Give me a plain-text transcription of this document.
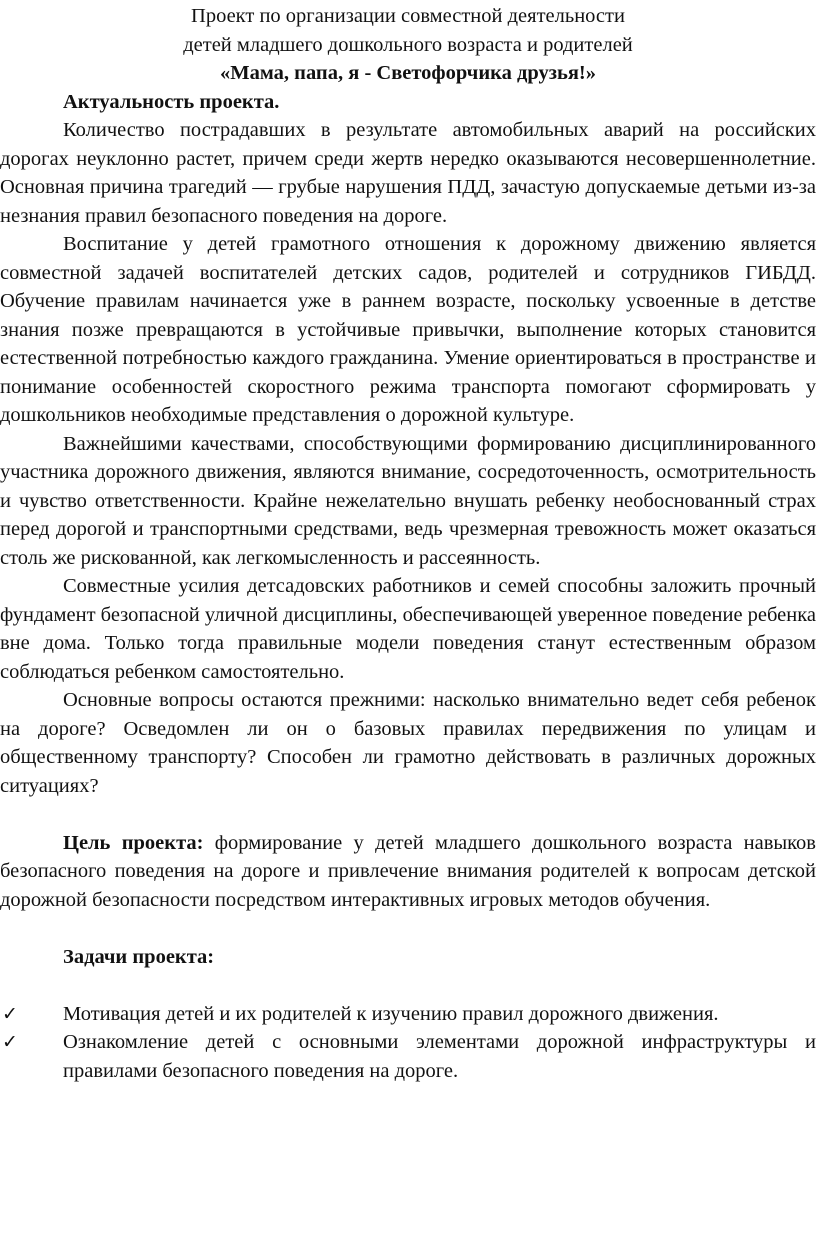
Проект по организации совместной деятельности

детей младшего дошкольного возраста и родителей

«Мама, папа, я - Светофорчика друзья!»

Актуальность проекта.

Количество пострадавших в результате автомобильных аварий на российских дорогах неуклонно растет, причем среди жертв нередко оказываются несовершеннолетние. Основная причина трагедий — грубые нарушения ПДД, зачастую допускаемые детьми из-за незнания правил безопасного поведения на дороге.

Воспитание у детей грамотного отношения к дорожному движению является совместной задачей воспитателей детских садов, родителей и сотрудников ГИБДД. Обучение правилам начинается уже в раннем возрасте, поскольку усвоенные в детстве знания позже превращаются в устойчивые привычки, выполнение которых становится естественной потребностью каждого гражданина. Умение ориентироваться в пространстве и понимание особенностей скоростного режима транспорта помогают сформировать у дошкольников необходимые представления о дорожной культуре.

Важнейшими качествами, способствующими формированию дисциплинированного участника дорожного движения, являются внимание, сосредоточенность, осмотрительность и чувство ответственности. Крайне нежелательно внушать ребенку необоснованный страх перед дорогой и транспортными средствами, ведь чрезмерная тревожность может оказаться столь же рискованной, как легкомысленность и рассеянность.

Совместные усилия детсадовских работников и семей способны заложить прочный фундамент безопасной уличной дисциплины, обеспечивающей уверенное поведение ребенка вне дома. Только тогда правильные модели поведения станут естественным образом соблюдаться ребенком самостоятельно.

Основные вопросы остаются прежними: насколько внимательно ведет себя ребенок на дороге? Осведомлен ли он о базовых правилах передвижения по улицам и общественному транспорту? Способен ли грамотно действовать в различных дорожных ситуациях?

Цель проекта: формирование у детей младшего дошкольного возраста навыков безопасного поведения на дороге и привлечение внимания родителей к вопросам детской дорожной безопасности посредством интерактивных игровых методов обучения.

Задачи проекта:

✓ Мотивация детей и их родителей к изучению правил дорожного движения.
✓ Ознакомление детей с основными элементами дорожной инфраструктуры и правилами безопасного поведения на дороге.
